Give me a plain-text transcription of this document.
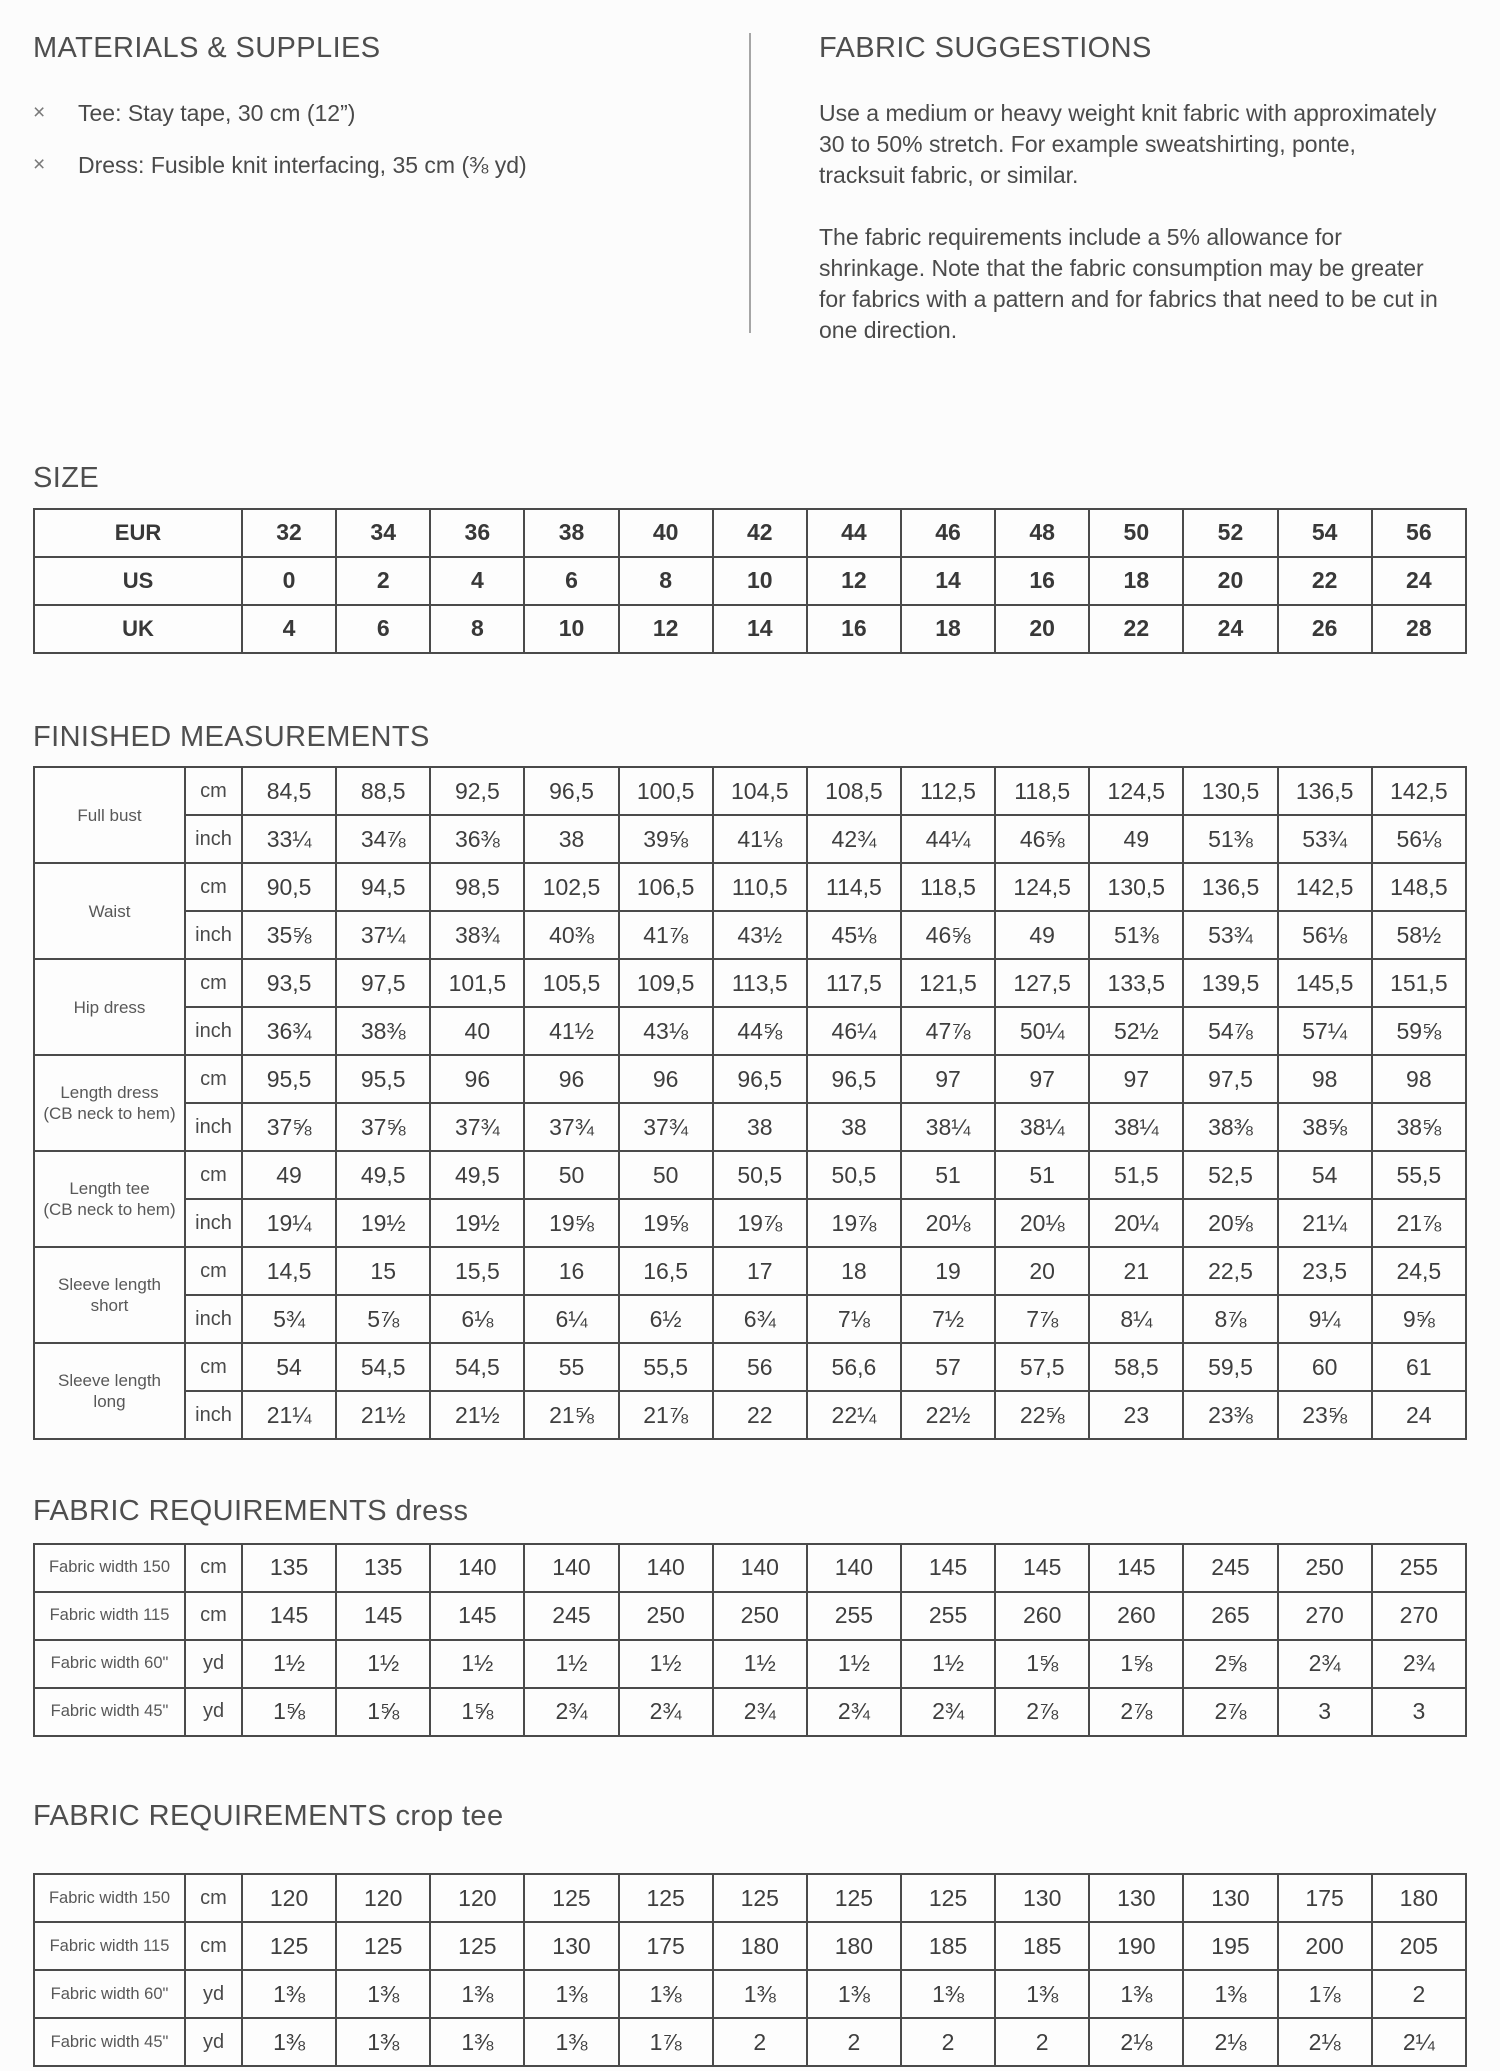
MATERIALS & SUPPLIES
×	Tee: Stay tape, 30 cm (12”)
×	Dress: Fusible knit interfacing, 35 cm (⅜ yd)
FABRIC SUGGESTIONS

Use a medium or heavy weight knit fabric with approximately 30 to 50% stretch. For example sweatshirting, ponte, tracksuit fabric, or similar.

The fabric requirements include a 5% allowance for shrinkage. Note that the fabric consumption may be greater for fabrics with a pattern and for fabrics that need to be cut in one direction.

SIZE
EUR	32	34	36	38	40	42	44	46	48	50	52	54	56
US	0	2	4	6	8	10	12	14	16	18	20	22	24
UK	4	6	8	10	12	14	16	18	20	22	24	26	28
FINISHED MEASUREMENTS
Full bust	cm	84,5	88,5	92,5	96,5	100,5	104,5	108,5	112,5	118,5	124,5	130,5	136,5	142,5
	inch	33¼	34⅞	36⅜	38	39⅝	41⅛	42¾	44¼	46⅝	49	51⅜	53¾	56⅛

Waist	cm	90,5	94,5	98,5	102,5	106,5	110,5	114,5	118,5	124,5	130,5	136,5	142,5	148,5
	inch	35⅝	37¼	38¾	40⅜	41⅞	43½	45⅛	46⅝	49	51⅜	53¾	56⅛	58½

Hip dress	cm	93,5	97,5	101,5	105,5	109,5	113,5	117,5	121,5	127,5	133,5	139,5	145,5	151,5
	inch	36¾	38⅜	40	41½	43⅛	44⅝	46¼	47⅞	50¼	52½	54⅞	57¼	59⅝

Length dress
(CB neck to hem)	cm	95,5	95,5	96	96	96	96,5	96,5	97	97	97	97,5	98	98
	inch	37⅝	37⅝	37¾	37¾	37¾	38	38	38¼	38¼	38¼	38⅜	38⅝	38⅝

Length tee
(CB neck to hem)	cm	49	49,5	49,5	50	50	50,5	50,5	51	51	51,5	52,5	54	55,5
	inch	19¼	19½	19½	19⅝	19⅝	19⅞	19⅞	20⅛	20⅛	20¼	20⅝	21¼	21⅞

Sleeve length
short	cm	14,5	15	15,5	16	16,5	17	18	19	20	21	22,5	23,5	24,5
	inch	5¾	5⅞	6⅛	6¼	6½	6¾	7⅛	7½	7⅞	8¼	8⅞	9¼	9⅝

Sleeve length
long	cm	54	54,5	54,5	55	55,5	56	56,6	57	57,5	58,5	59,5	60	61
	inch	21¼	21½	21½	21⅝	21⅞	22	22¼	22½	22⅝	23	23⅜	23⅝	24
FABRIC REQUIREMENTS dress
Fabric width 150	cm	135	135	140	140	140	140	140	145	145	145	245	250	255
Fabric width 115	cm	145	145	145	245	250	250	255	255	260	260	265	270	270
Fabric width 60"	yd	1½	1½	1½	1½	1½	1½	1½	1½	1⅝	1⅝	2⅝	2¾	2¾
Fabric width 45"	yd	1⅝	1⅝	1⅝	2¾	2¾	2¾	2¾	2¾	2⅞	2⅞	2⅞	3	3
FABRIC REQUIREMENTS crop tee
Fabric width 150	cm	120	120	120	125	125	125	125	125	130	130	130	175	180
Fabric width 115	cm	125	125	125	130	175	180	180	185	185	190	195	200	205
Fabric width 60"	yd	1⅜	1⅜	1⅜	1⅜	1⅜	1⅜	1⅜	1⅜	1⅜	1⅜	1⅜	1⅞	2
Fabric width 45"	yd	1⅜	1⅜	1⅜	1⅜	1⅞	2	2	2	2	2⅛	2⅛	2⅛	2¼
